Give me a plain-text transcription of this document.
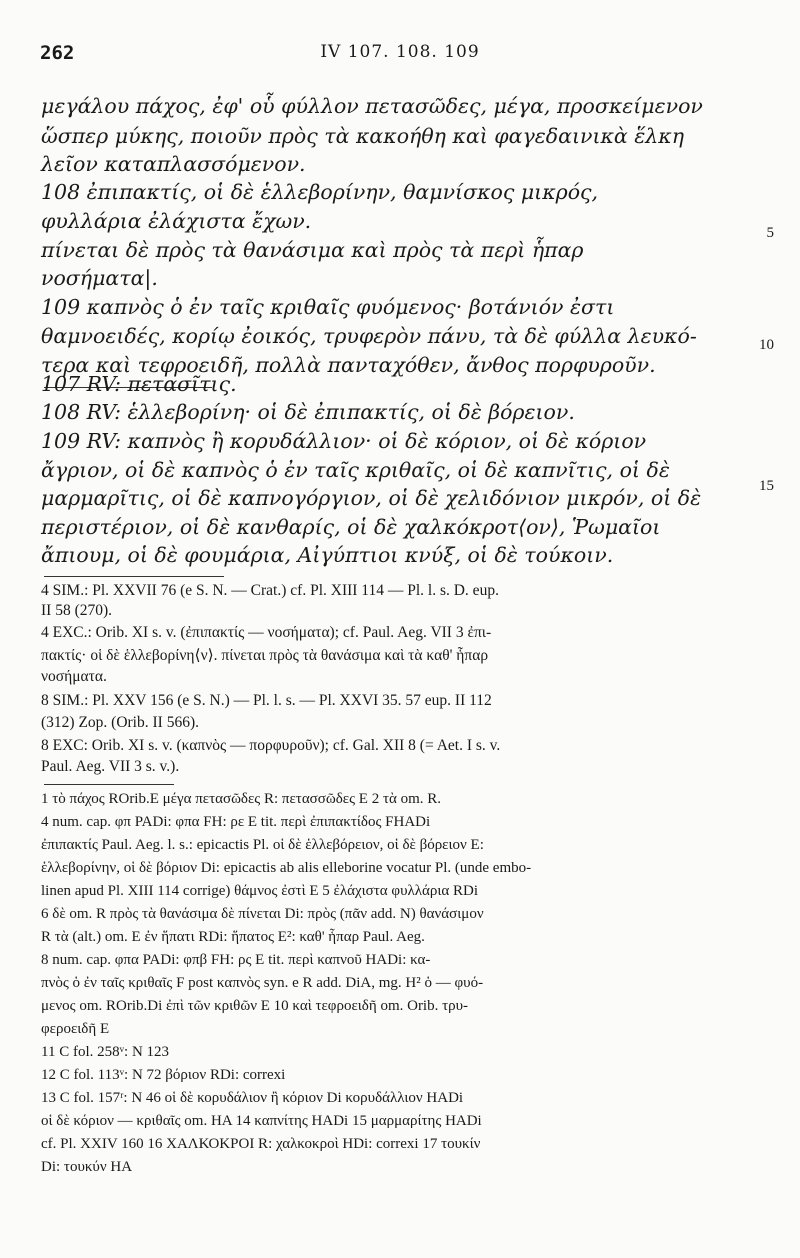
262	IV 107. 108. 109
μεγάλου πάχος, ἐφ' οὗ φύλλον πετασῶδες, μέγα, προσκείμενον
ὥσπερ μύκης, ποιοῦν πρὸς τὰ κακοήθη καὶ φαγεδαινικὰ ἕλκη
λεῖον καταπλασσόμενον.
108 ἐπιπακτίς, οἱ δὲ ἑλλεβορίνην, θαμνίσκος μικρός,
φυλλάρια ἐλάχιστα ἔχων.
πίνεται δὲ πρὸς τὰ θανάσιμα καὶ πρὸς τὰ περὶ ἧπαρ
νοσήματα|.
109 καπνὸς ὁ ἐν ταῖς κριθαῖς φυόμενος· βοτάνιόν ἐστι
θαμνοειδές, κορίῳ ἐοικός, τρυφερὸν πάνυ, τὰ δὲ φύλλα λευκό-
τερα καὶ τεφροειδῆ, πολλὰ πανταχόθεν, ἄνθος πορφυροῦν.
5
10
107 RV: πετασῖτις.
108 RV: ἑλλεβορίνη· οἱ δὲ ἐπιπακτίς, οἱ δὲ βόρειον.
109 RV: καπνὸς ἢ κορυδάλλιον· οἱ δὲ κόριον, οἱ δὲ κόριον
ἄγριον, οἱ δὲ καπνὸς ὁ ἐν ταῖς κριθαῖς, οἱ δὲ καπνῖτις, οἱ δὲ
μαρμαρῖτις, οἱ δὲ καπνογόργιον, οἱ δὲ χελιδόνιον μικρόν, οἱ δὲ
περιστέριον, οἱ δὲ κανθαρίς, οἱ δὲ χαλκόκροτ⟨ον⟩, Ῥωμαῖοι
ἄπιουμ, οἱ δὲ φουμάρια, Αἰγύπτιοι κνύξ, οἱ δὲ τούκοιν.
15
4 SIM.: Pl. XXVII 76 (e S. N. — Crat.) cf. Pl. XIII 114 — Pl. l. s. D. eup.
II 58 (270).
4 EXC.: Orib. XI s. v. (ἐπιπακτίς — νοσήματα); cf. Paul. Aeg. VII 3 ἐπι-
πακτίς· οἱ δὲ ἑλλεβορίνη⟨ν⟩. πίνεται πρὸς τὰ θανάσιμα καὶ τὰ καθ' ἧπαρ
νοσήματα.
8 SIM.: Pl. XXV 156 (e S. N.) — Pl. l. s. — Pl. XXVI 35. 57 eup. II 112
(312) Zop. (Orib. II 566).
8 EXC: Orib. XI s. v. (καπνὸς — πορφυροῦν); cf. Gal. XII 8 (= Aet. I s. v.
Paul. Aeg. VII 3 s. v.).
1 τὸ πάχος ROrib.E μέγα πετασῶδες R: πετασσῶδες E 2 τὰ om. R.
4 num. cap. φπ PADi: φπα FH: ρε E tit. περὶ ἐπιπακτίδος FHADi
ἐπιπακτίς Paul. Aeg. l. s.: epicactis Pl. οἱ δὲ ἑλλεβόρειον, οἱ δὲ βόρειον E:
ἑλλεβορίνην, οἱ δὲ βόριον Di: epicactis ab alis elleborine vocatur Pl. (unde embo-
linen apud Pl. XIII 114 corrige) θάμνος ἐστὶ E 5 ἐλάχιστα φυλλάρια RDi
6 δὲ om. R πρὸς τὰ θανάσιμα δὲ πίνεται Di: πρὸς (πᾶν add. N) θανάσιμον
R τὰ (alt.) om. E ἐν ἥπατι RDi: ἥπατος E²: καθ' ἧπαρ Paul. Aeg.
8 num. cap. φπα PADi: φπβ FH: ρς E tit. περὶ καπνοῦ HADi: κα-
πνὸς ὁ ἐν ταῖς κριθαῖς F post καπνὸς syn. e R add. DiA, mg. H² ὁ — φυό-
μενος om. ROrib.Di ἐπὶ τῶν κριθῶν E 10 καὶ τεφροειδῆ om. Orib. τρυ-
φεροειδῆ E
11 C fol. 258ᵛ: N 123
12 C fol. 113ᵛ: N 72 βόριον RDi: correxi
13 C fol. 157ʳ: N 46 οἱ δὲ κορυδάλιον ἢ κόριον Di κορυδάλλιον HADi
οἱ δὲ κόριον — κριθαῖς om. HA 14 καπνίτης HADi 15 μαρμαρίτης HADi
cf. Pl. XXIV 160 16 ΧΑΛΚΟΚΡΟΙ R: χαλκοκροὶ HDi: correxi 17 τουκίν
Di: τουκύν HA
